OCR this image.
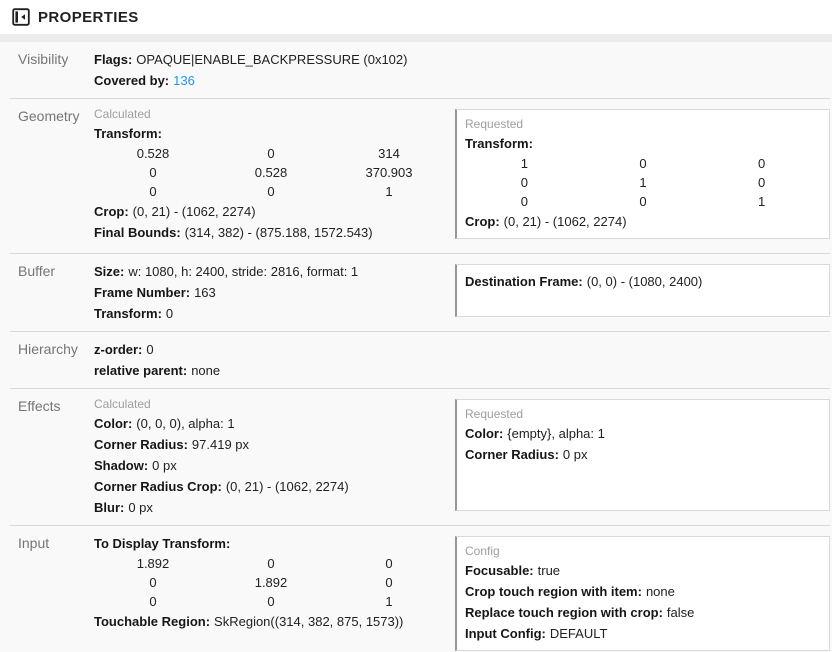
PROPERTIES
Visibility	Flags: OPAQUE|ENABLE_BACKPRESSURE (0x102)
Covered by: 136
Geometry	Calculated
Transform:
0.528	0	314
0	0.528	370.903
0	0	1
Crop: (0, 21) - (1062, 2274)
Final Bounds: (314, 382) - (875.188, 1572.543)
Requested
Transform:
1	0	0
0	1	0
0	0	1
Crop: (0, 21) - (1062, 2274)
Buffer	Size: w: 1080, h: 2400, stride: 2816, format: 1
Frame Number: 163
Transform: 0
Destination Frame: (0, 0) - (1080, 2400)
Hierarchy	z-order: 0
relative parent: none
Effects	Calculated
Color: (0, 0, 0), alpha: 1
Corner Radius: 97.419 px
Shadow: 0 px
Corner Radius Crop: (0, 21) - (1062, 2274)
Blur: 0 px
Requested
Color: {empty}, alpha: 1
Corner Radius: 0 px
Input	To Display Transform:
1.892	0	0
0	1.892	0
0	0	1
Touchable Region: SkRegion((314, 382, 875, 1573))
Config
Focusable: true
Crop touch region with item: none
Replace touch region with crop: false
Input Config: DEFAULT
